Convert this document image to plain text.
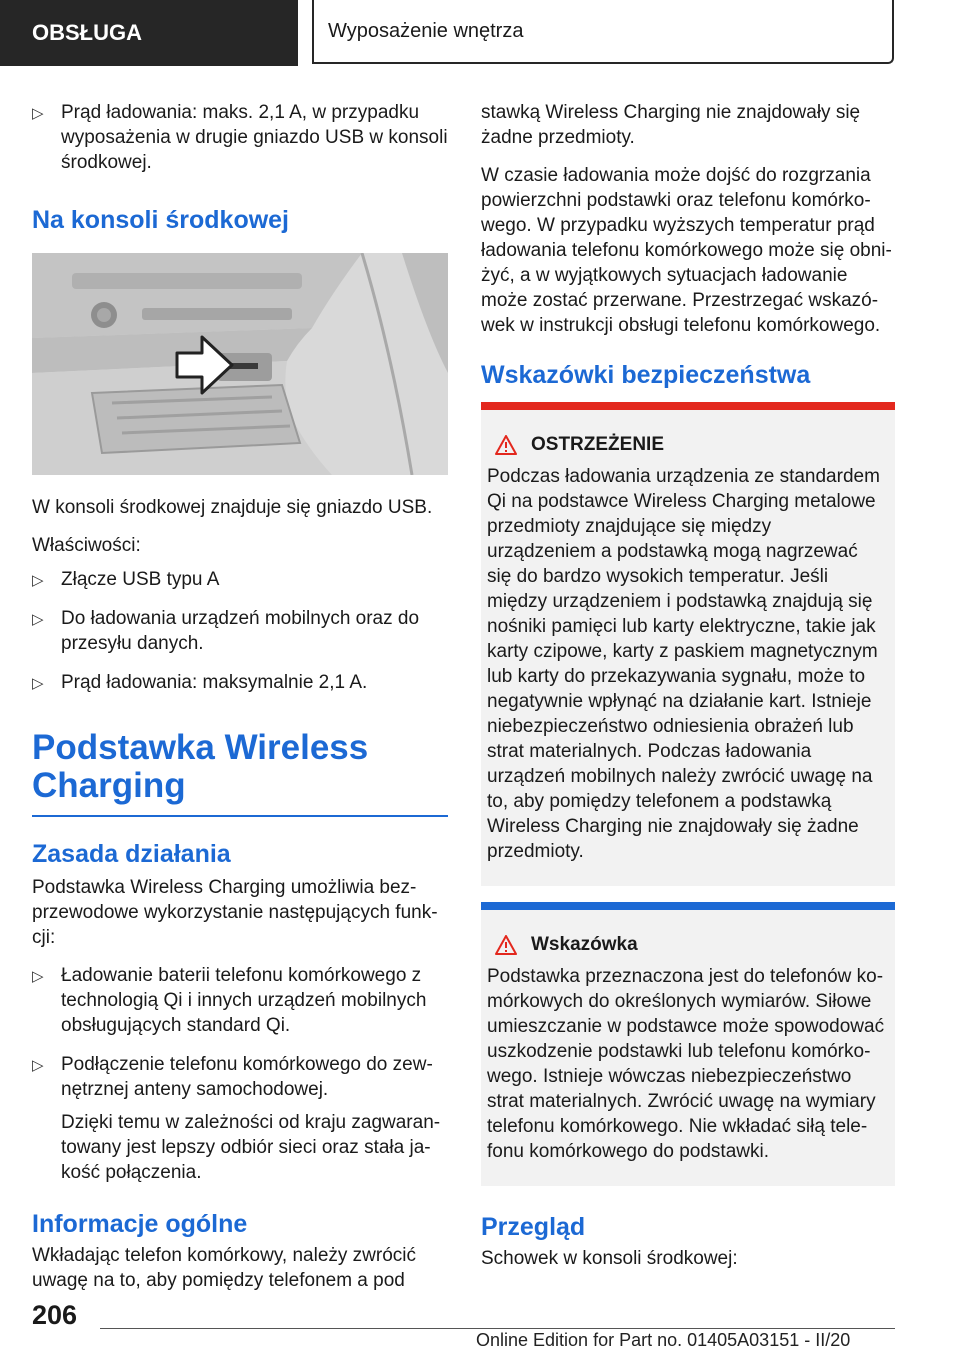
OBSŁUGA	Wyposażenie wnętrza
▷ Prąd ładowania: maks. 2,1 A, w przypadku wyposażenia w drugie gniazdo USB w konsoli środkowej.
Na konsoli środkowej

W konsoli środkowej znajduje się gniazdo USB.

Właściwości:

▷ Złącze USB typu A
▷ Do ładowania urządzeń mobilnych oraz do przesyłu danych.
▷ Prąd ładowania: maksymalnie 2,1 A.
Podstawka Wireless Charging
Zasada działania

Podstawka Wireless Charging umożliwia bezprzewodowe wykorzystanie następujących funkcji:

▷ Ładowanie baterii telefonu komórkowego z technologią Qi i innych urządzeń mobilnych obsługujących standard Qi.
▷ Podłączenie telefonu komórkowego do zewnętrznej anteny samochodowej.

Dzięki temu w zależności od kraju zagwarantowany jest lepszy odbiór sieci oraz stała jakość połączenia.

Informacje ogólne

Wkładając telefon komórkowy, należy zwrócić uwagę na to, aby pomiędzy telefonem a pod

stawką Wireless Charging nie znajdowały się żadne przedmioty.

W czasie ładowania może dojść do rozgrzania powierzchni podstawki oraz telefonu komórkowego. W przypadku wyższych temperatur prąd ładowania telefonu komórkowego może się obniżyć, a w wyjątkowych sytuacjach ładowanie może zostać przerwane. Przestrzegać wskazówek w instrukcji obsługi telefonu komórkowego.

Wskazówki bezpieczeństwa
OSTRZEŻENIE
Podczas ładowania urządzenia ze standardem Qi na podstawce Wireless Charging metalowe przedmioty znajdujące się między urządzeniem a podstawką mogą nagrzewać się do bardzo wysokich temperatur. Jeśli między urządzeniem i podstawką znajdują się nośniki pamięci lub karty elektryczne, takie jak karty czipowe, karty z paskiem magnetycznym lub karty do przekazywania sygnału, może to negatywnie wpłynąć na działanie kart. Istnieje niebezpieczeństwo odniesienia obrażeń lub strat materialnych. Podczas ładowania urządzeń mobilnych należy zwrócić uwagę na to, aby pomiędzy telefonem a podstawką Wireless Charging nie znajdowały się żadne przedmioty.
Wskazówka
Podstawka przeznaczona jest do telefonów komórkowych do określonych wymiarów. Siłowe umieszczanie w podstawce może spowodować uszkodzenie podstawki lub telefonu komórkowego. Istnieje wówczas niebezpieczeństwo strat materialnych. Zwrócić uwagę na wymiary telefonu komórkowego. Nie wkładać siłą telefonu komórkowego do podstawki.
Przegląd

Schowek w konsoli środkowej:

206
Online Edition for Part no. 01405A03151 - II/20
